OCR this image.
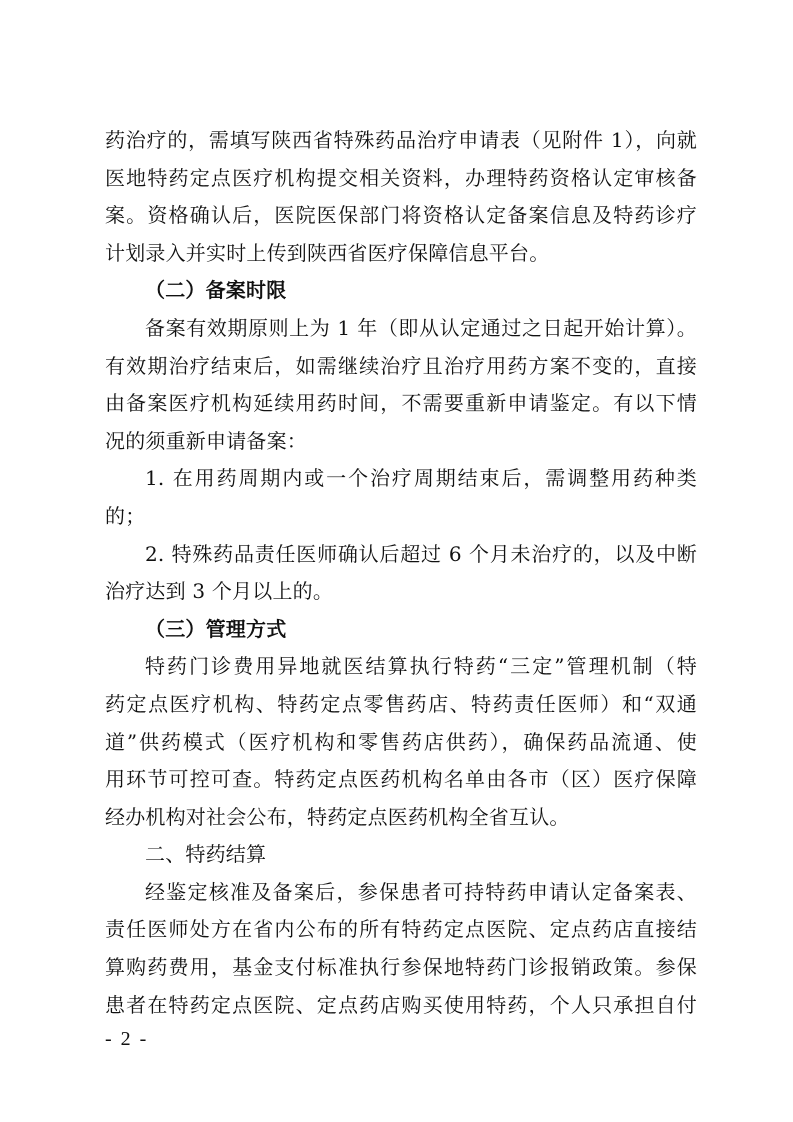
药治疗的，需填写陕西省特殊药品治疗申请表（见附件 1），向就
医地特药定点医疗机构提交相关资料，办理特药资格认定审核备
案。资格确认后，医院医保部门将资格认定备案信息及特药诊疗
计划录入并实时上传到陕西省医疗保障信息平台。
（二）备案时限
备案有效期原则上为 1 年（即从认定通过之日起开始计算）。
有效期治疗结束后，如需继续治疗且治疗用药方案不变的，直接
由备案医疗机构延续用药时间，不需要重新申请鉴定。有以下情
况的须重新申请备案：
1. 在用药周期内或一个治疗周期结束后，需调整用药种类
的；
2. 特殊药品责任医师确认后超过 6 个月未治疗的，以及中断
治疗达到 3 个月以上的。
（三）管理方式
特药门诊费用异地就医结算执行特药“三定”管理机制（特
药定点医疗机构、特药定点零售药店、特药责任医师）和“双通
道”供药模式（医疗机构和零售药店供药），确保药品流通、使
用环节可控可查。特药定点医药机构名单由各市（区）医疗保障
经办机构对社会公布，特药定点医药机构全省互认。
二、特药结算
经鉴定核准及备案后，参保患者可持特药申请认定备案表、
责任医师处方在省内公布的所有特药定点医院、定点药店直接结
算购药费用，基金支付标准执行参保地特药门诊报销政策。参保
患者在特药定点医院、定点药店购买使用特药，个人只承担自付
- 2 -
